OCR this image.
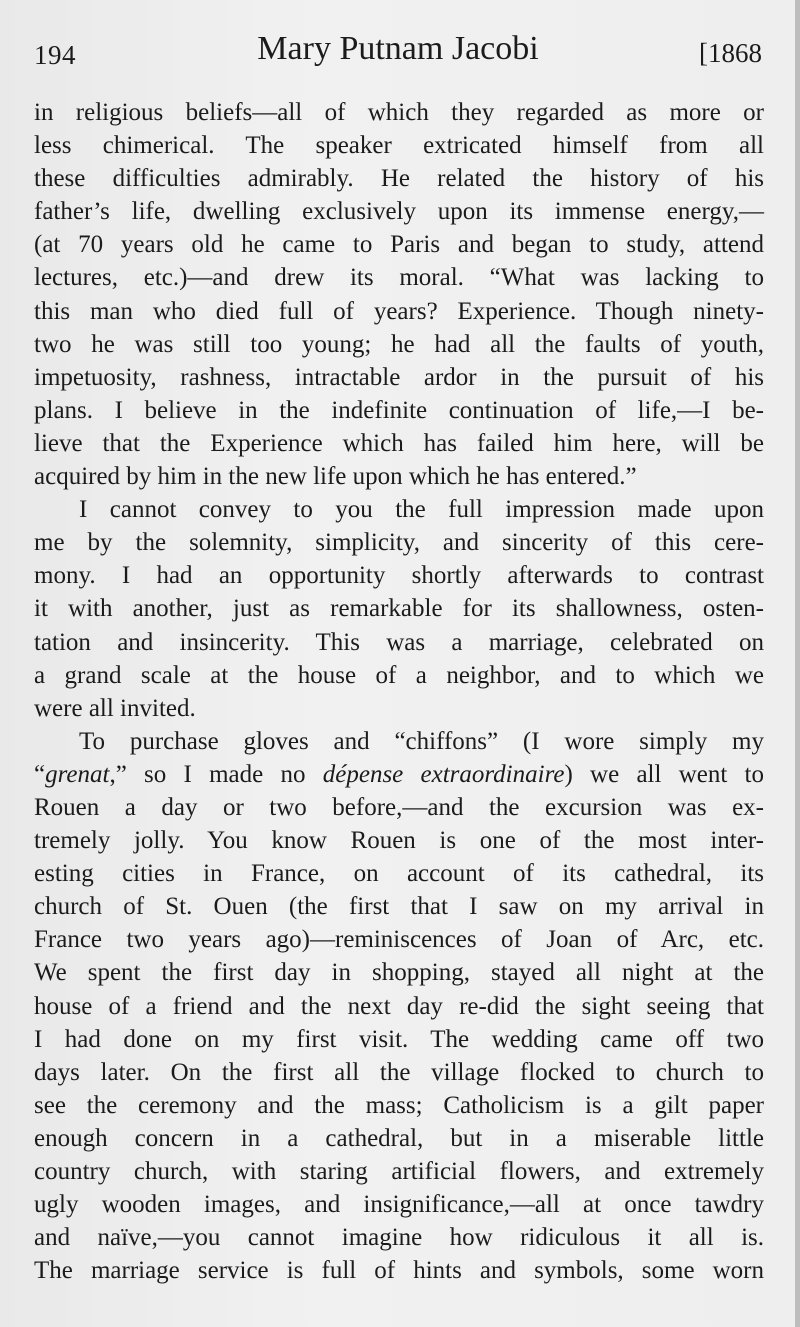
194	Mary Putnam Jacobi	[1868
in religious beliefs—all of which they regarded as more or
less chimerical. The speaker extricated himself from all
these difficulties admirably. He related the history of his
father’s life, dwelling exclusively upon its immense energy,—
(at 70 years old he came to Paris and began to study, attend
lectures, etc.)—and drew its moral. “What was lacking to
this man who died full of years? Experience. Though ninety-
two he was still too young; he had all the faults of youth,
impetuosity, rashness, intractable ardor in the pursuit of his
plans. I believe in the indefinite continuation of life,—I be-
lieve that the Experience which has failed him here, will be
acquired by him in the new life upon which he has entered.”
I cannot convey to you the full impression made upon
me by the solemnity, simplicity, and sincerity of this cere-
mony. I had an opportunity shortly afterwards to contrast
it with another, just as remarkable for its shallowness, osten-
tation and insincerity. This was a marriage, celebrated on
a grand scale at the house of a neighbor, and to which we
were all invited.
To purchase gloves and “chiffons” (I wore simply my
“grenat,” so I made no dépense extraordinaire) we all went to
Rouen a day or two before,—and the excursion was ex-
tremely jolly. You know Rouen is one of the most inter-
esting cities in France, on account of its cathedral, its
church of St. Ouen (the first that I saw on my arrival in
France two years ago)—reminiscences of Joan of Arc, etc.
We spent the first day in shopping, stayed all night at the
house of a friend and the next day re-did the sight seeing that
I had done on my first visit. The wedding came off two
days later. On the first all the village flocked to church to
see the ceremony and the mass; Catholicism is a gilt paper
enough concern in a cathedral, but in a miserable little
country church, with staring artificial flowers, and extremely
ugly wooden images, and insignificance,—all at once tawdry
and naïve,—you cannot imagine how ridiculous it all is.
The marriage service is full of hints and symbols, some worn
